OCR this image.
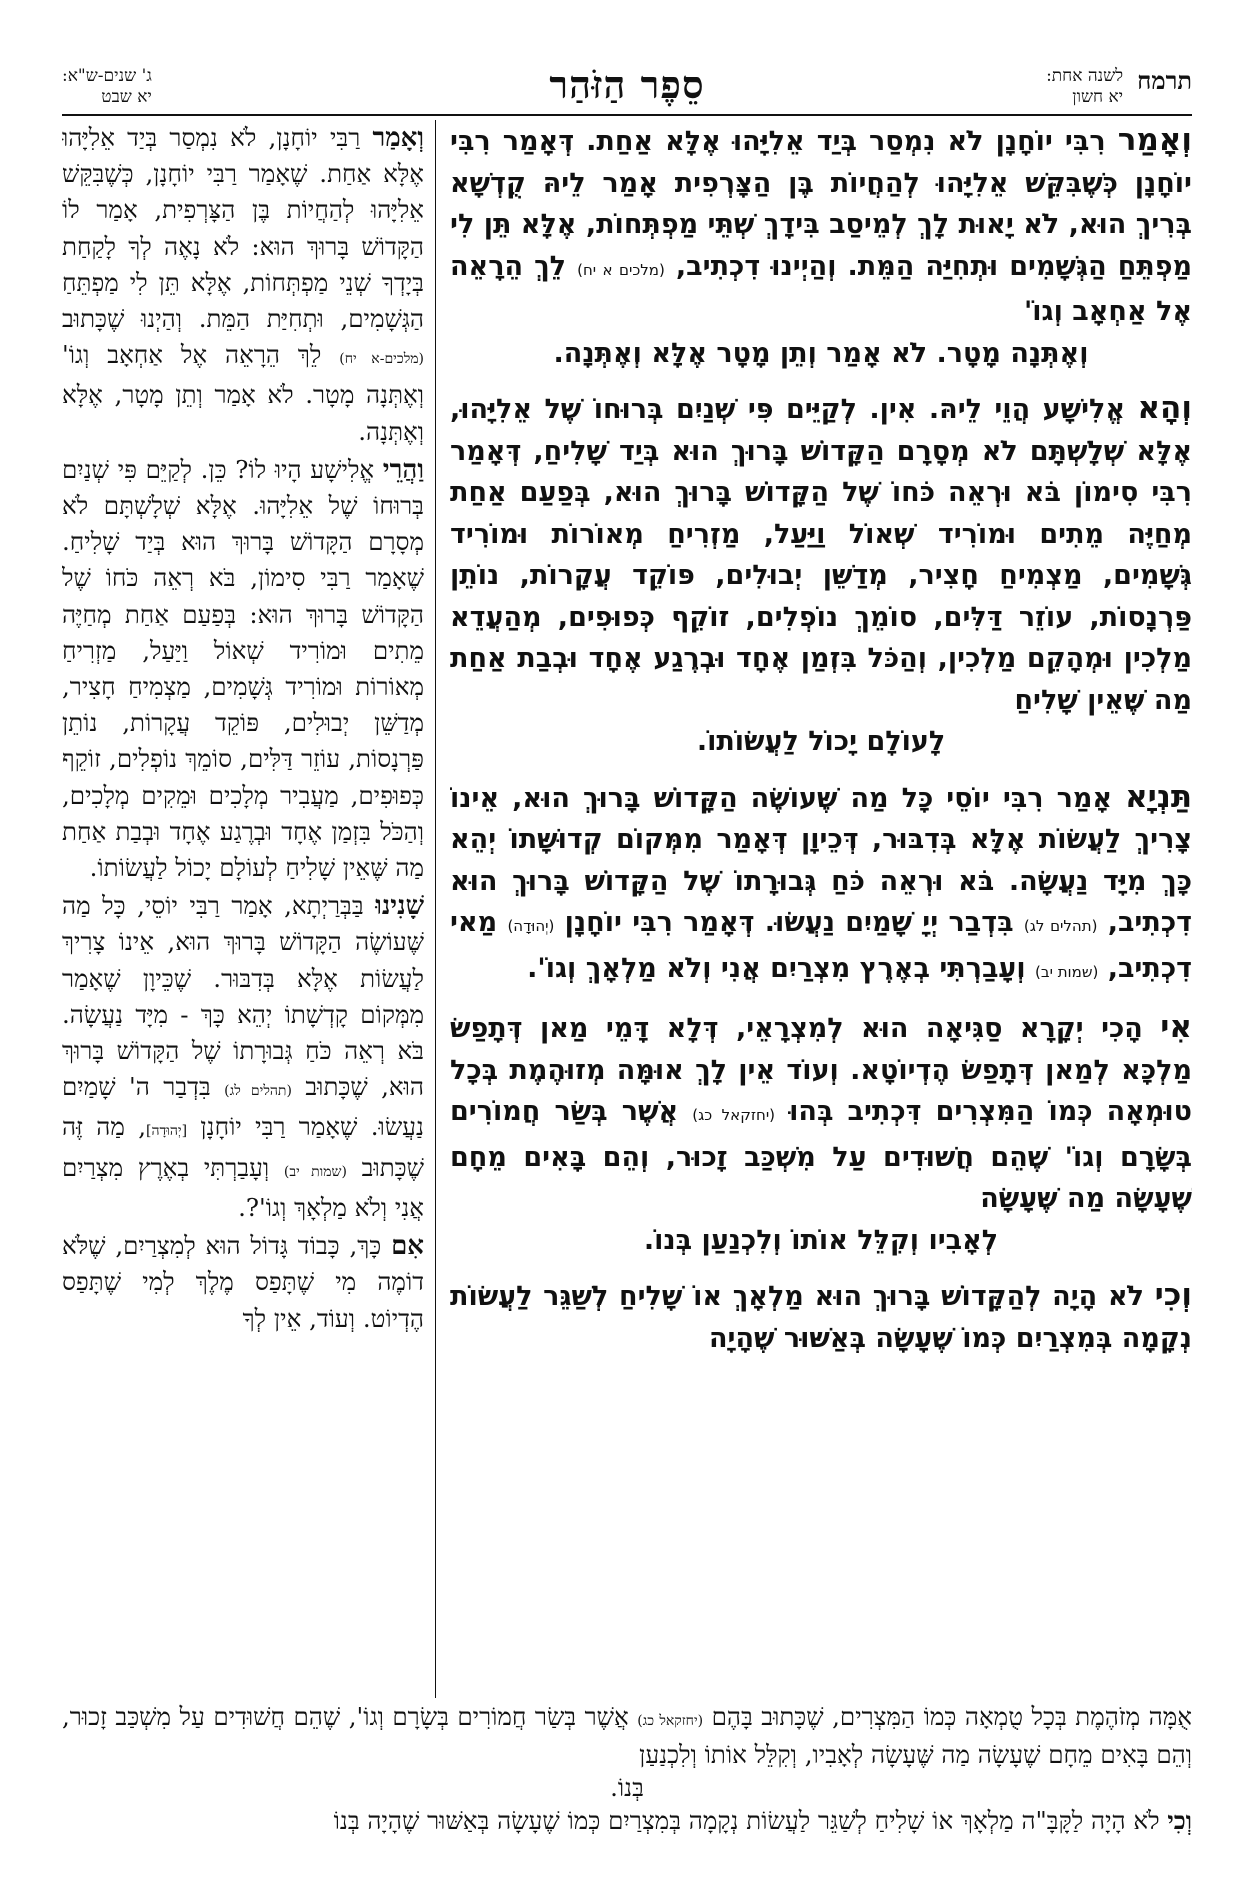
תרמח
לשנה אחת:
יא חשון
סֵפֶר הַזֹּהַר
ג' שנים-ש"א:
יא שבט

וְאָמַר רִבִּי יוֹחָנָן לֹא נִמְסַר בְּיַד אֵלִיָּהוּ אֶלָּא אַחַת. דְּאָמַר רִבִּי יוֹחָנָן כְּשֶׁבִּקֵּשׁ אֵלִיָּהוּ לְהַחֲיוֹת בֶּן הַצָּרְפִית אָמַר לֵיהּ קֻדְשָׁא בְּרִיךְ הוּא, לֹא יָאוּת לָךְ לְמֵיסַב בִּידָךְ שְׁתֵּי מַפְתְּחוֹת, אֶלָּא תֵּן לִי מַפְתֵּחַ הַגְּשָׁמִים וּתְחִיַּה הַמֵּת. וְהַיְינוּ דִכְתִיב, (מלכים א יח) לֵךְ הֵרָאֵה אֶל אַחְאָב וְגוֹ'
וְאֶתְּנָה מָטָר. לֹא אָמַר וְתֵן מָטָר אֶלָּא וְאֶתְּנָה.

וְהָא אֱלִישָׁע הֲוֵי לֵיהּ. אִין. לְקַיֵּים פִּי שְׁנַיִם בְּרוּחוֹ שֶׁל אֵלִיָּהוּ, אֶלָּא שְׁלָשְׁתָּם לֹא מְסָרָם הַקָּדוֹשׁ בָּרוּךְ הוּא בְּיַד שָׁלִיחַ, דְּאָמַר רִבִּי סִימוֹן בֹּא וּרְאֵה כֹּחוֹ שֶׁל הַקָּדוֹשׁ בָּרוּךְ הוּא, בְּפַעַם אַחַת מְחַיֶּה מֵתִים וּמוֹרִיד שְׁאוֹל וַיַּעַל, מַזְרִיחַ מְאוֹרוֹת וּמוֹרִיד גְּשָׁמִים, מַצְמִיחַ חָצִיר, מְדַשֵּׁן יְבוּלִים, פּוֹקֵד עֲקָרוֹת, נוֹתֵן פַּרְנָסוֹת, עוֹזֵר דַּלִּים, סוֹמֵךְ נוֹפְלִים, זוֹקֵף כְּפוּפִים, מְהַעֲדֵא מַלְכִין וּמְהָקֵם מַלְכִין, וְהַכֹּל בִּזְמַן אֶחָד וּבְרֶגַע אֶחָד וּבְבַת אַחַת מַה שֶּׁאֵין שָׁלִיחַ
לָעוֹלָם יָכוֹל לַעֲשׂוֹתוֹ.

תַּנְיָא אָמַר רִבִּי יוֹסֵי כָּל מַה שֶּׁעוֹשֶׂה הַקָּדוֹשׁ בָּרוּךְ הוּא, אֵינוֹ צָרִיךְ לַעֲשׂוֹת אֶלָּא בְּדִבּוּר, דְּכֵיוָן דְּאָמַר מִמְּקוֹם קְדוּשָּׁתוֹ יְהֵא כָּךְ מִיָּד נַעֲשָׂה. בֹּא וּרְאֵה כֹּחַ גְּבוּרָתוֹ שֶׁל הַקָּדוֹשׁ בָּרוּךְ הוּא דִכְתִיב, (תהלים לג) בִּדְבַר יְיָ שָׁמַיִם נַעֲשׂוּ. דְּאָמַר רִבִּי יוֹחָנָן (יְהוּדָה) מַאי דִכְתִיב, (שמות יב) וְעָבַרְתִּי בְאֶרֶץ מִצְרַיִם אֲנִי וְלֹא מַלְאָךְ וְגוֹ'.

אִי הָכִי יְקָרָא סַגִּיאָה הוּא לְמִצְרָאֵי, דְּלָא דָּמֵי מַאן דְּתָפַשׂ מַלְכָּא לְמַאן דְּתָפַשׂ הֶדְיוֹטָא. וְעוֹד אֵין לָךְ אוּמָּה מְזוּהֶמֶת בְּכָל טוּמְאָה כְּמוֹ הַמִּצְרִים דִּכְתִיב בְּהוּ (יחזקאל כג) אֲשֶׁר בְּשַׂר חֲמוֹרִים בְּשָׂרָם וְגוֹ' שֶׁהֵם חֲשׁוּדִים עַל מִשְׁכַּב זָכוּר, וְהֵם בָּאִים מֵחָם שֶׁעָשָׂה מַה שֶּׁעָשָׂה
לְאָבִיו וְקִלֵּל אוֹתוֹ וְלִכְנַעַן בְּנוֹ.

וְכִי לֹא הָיָה לְהַקָּדוֹשׁ בָּרוּךְ הוּא מַלְאָךְ אוֹ שָׁלִיחַ לְשַׁגֵּר לַעֲשׂוֹת נְקָמָה בְּמִצְרַיִם כְּמוֹ שֶׁעָשָׂה בְּאַשּׁוּר שֶׁהָיָה

וְאָמַר רַבִּי יוֹחָנָן, לֹא נִמְסַר בְּיַד אֵלִיָּהוּ אֶלָּא אַחַת. שֶׁאָמַר רַבִּי יוֹחָנָן, כְּשֶׁבִּקֵּשׁ אֵלִיָּהוּ לְהַחֲיוֹת בֶּן הַצָּרְפִית, אָמַר לוֹ הַקָּדוֹשׁ בָּרוּךְ הוּא: לֹא נָאֶה לְךָ לָקַחַת בְּיָדְךָ שְׁנֵי מַפְתְּחוֹת, אֶלָּא תֵּן לִי מַפְתֵּחַ הַגְּשָׁמִים, וּתְחִיַּת הַמֵּת. וְהַיְנוּ שֶׁכָּתוּב (מלכים-א יח) לֵךְ הֵרָאֵה אֶל אַחְאָב וְגוֹ' וְאֶתְּנָה מָטָר. לֹא אָמַר וְתֵן מָטָר, אֶלָּא וְאֶתְּנָה.

וַהֲרֵי אֱלִישָׁע הָיוּ לוֹ? כֵּן. לְקַיֵּם פִּי שְׁנַיִם בְּרוּחוֹ שֶׁל אֵלִיָּהוּ. אֶלָּא שְׁלָשְׁתָּם לֹא מְסָרָם הַקָּדוֹשׁ בָּרוּךְ הוּא בְּיַד שָׁלִיחַ. שֶׁאָמַר רַבִּי סִימוֹן, בֹּא רְאֵה כֹּחוֹ שֶׁל הַקָּדוֹשׁ בָּרוּךְ הוּא: בְּפַעַם אַחַת מְחַיֶּה מֵתִים וּמוֹרִיד שְׁאוֹל וַיַּעַל, מַזְרִיחַ מְאוֹרוֹת וּמוֹרִיד גְּשָׁמִים, מַצְמִיחַ חָצִיר, מְדַשֵּׁן יְבוּלִים, פּוֹקֵד עֲקָרוֹת, נוֹתֵן פַּרְנָסוֹת, עוֹזֵר דַּלִּים, סוֹמֵךְ נוֹפְלִים, זוֹקֵף כְּפוּפִים, מַעֲבִיר מְלָכִים וּמֵקִים מְלָכִים, וְהַכֹּל בִּזְמַן אֶחָד וּבְרֶגַע אֶחָד וּבְבַת אַחַת מַה שֶּׁאֵין שָׁלִיחַ לְעוֹלָם יָכוֹל לַעֲשׂוֹתוֹ.

שָׁנִינוּ בַּבְּרַיְתָא, אָמַר רַבִּי יוֹסֵי, כָּל מַה שֶּׁעוֹשֶׂה הַקָּדוֹשׁ בָּרוּךְ הוּא, אֵינוֹ צָרִיךְ לַעֲשׂוֹת אֶלָּא בְּדִבּוּר. שֶׁכֵּיוָן שֶׁאָמַר מִמְּקוֹם קָדְשָׁתוֹ יְהֵא כָּךְ - מִיָּד נַעֲשָׂה. בֹּא רְאֵה כֹּחַ גְּבוּרָתוֹ שֶׁל הַקָּדוֹשׁ בָּרוּךְ הוּא, שֶׁכָּתוּב (תהלים לג) בִּדְבַר ה' שָׁמַיִם נַעֲשׂוּ. שֶׁאָמַר רַבִּי יוֹחָנָן [יְהוּדָה], מַה זֶּה שֶׁכָּתוּב (שמות יב) וְעָבַרְתִּי בְאֶרֶץ מִצְרַיִם אֲנִי וְלֹא מַלְאָךְ וְגוֹ'?.

אִם כָּךְ, כָּבוֹד גָּדוֹל הוּא לְמִצְרַיִם, שֶׁלֹּא דוֹמֶה מִי שֶׁתָּפַס מֶלֶךְ לְמִי שֶׁתָּפַס הֶדְיוֹט. וְעוֹד, אֵין לְךָ

אֻמָּה מְזֹהֶמֶת בְּכָל טֻמְאָה כְּמוֹ הַמִּצְרִים, שֶׁכָּתוּב בָּהֶם (יחזקאל כג) אֲשֶׁר בְּשַׂר חֲמוֹרִים בְּשָׂרָם וְגוֹ', שֶׁהֵם חֲשׁוּדִים עַל מִשְׁכַּב זָכוּר, וְהֵם בָּאִים מֵחָם שֶׁעָשָׂה מַה שֶּׁעָשָׂה לְאָבִיו, וְקִלֵּל אוֹתוֹ וְלִכְנַעַן

בְּנוֹ.

וְכִי לֹא הָיָה לַקָּבָּ"ה מַלְאָךְ אוֹ שָׁלִיחַ לְשַׁגֵּר לַעֲשׂוֹת נְקָמָה בְּמִצְרַיִם כְּמוֹ שֶׁעָשָׂה בְּאַשּׁוּר שֶׁהָיָה בְּנוֹ
